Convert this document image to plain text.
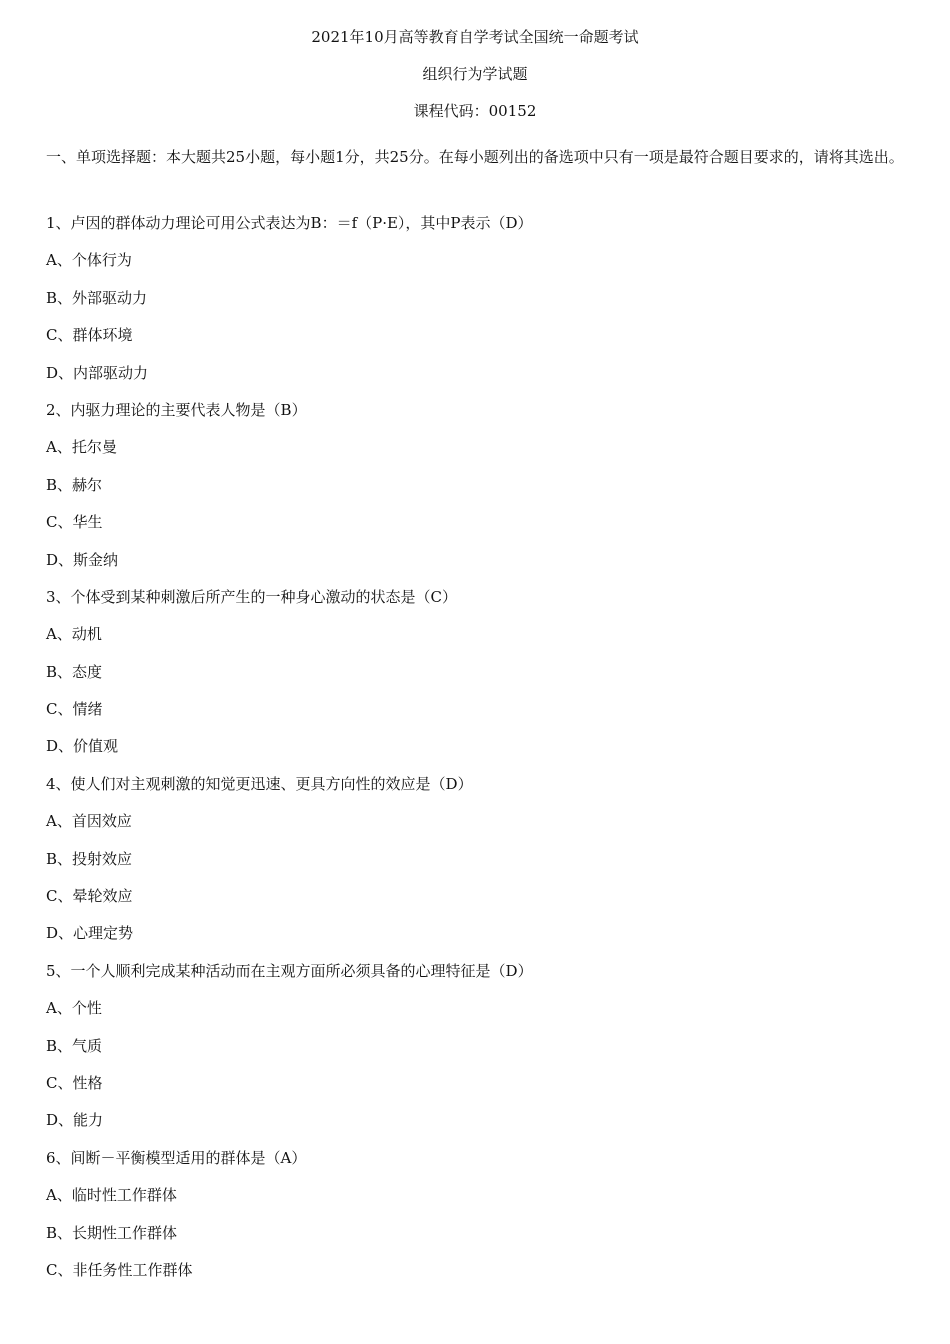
2021年10月高等教育自学考试全国统一命题考试
组织行为学试题
课程代码：00152

一、单项选择题：本大题共25小题，每小题1分，共25分。在每小题列出的备选项中只有一项是最符合题目要求的，请将其选出。

1、卢因的群体动力理论可用公式表达为B：＝f（P·E），其中P表示（D）
A、个体行为
B、外部驱动力
C、群体环境
D、内部驱动力
2、内驱力理论的主要代表人物是（B）
A、托尔曼
B、赫尔
C、华生
D、斯金纳
3、个体受到某种刺激后所产生的一种身心激动的状态是（C）
A、动机
B、态度
C、情绪
D、价值观
4、使人们对主观刺激的知觉更迅速、更具方向性的效应是（D）
A、首因效应
B、投射效应
C、晕轮效应
D、心理定势
5、一个人顺利完成某种活动而在主观方面所必须具备的心理特征是（D）
A、个性
B、气质
C、性格
D、能力
6、间断－平衡模型适用的群体是（A）
A、临时性工作群体
B、长期性工作群体
C、非任务性工作群体
